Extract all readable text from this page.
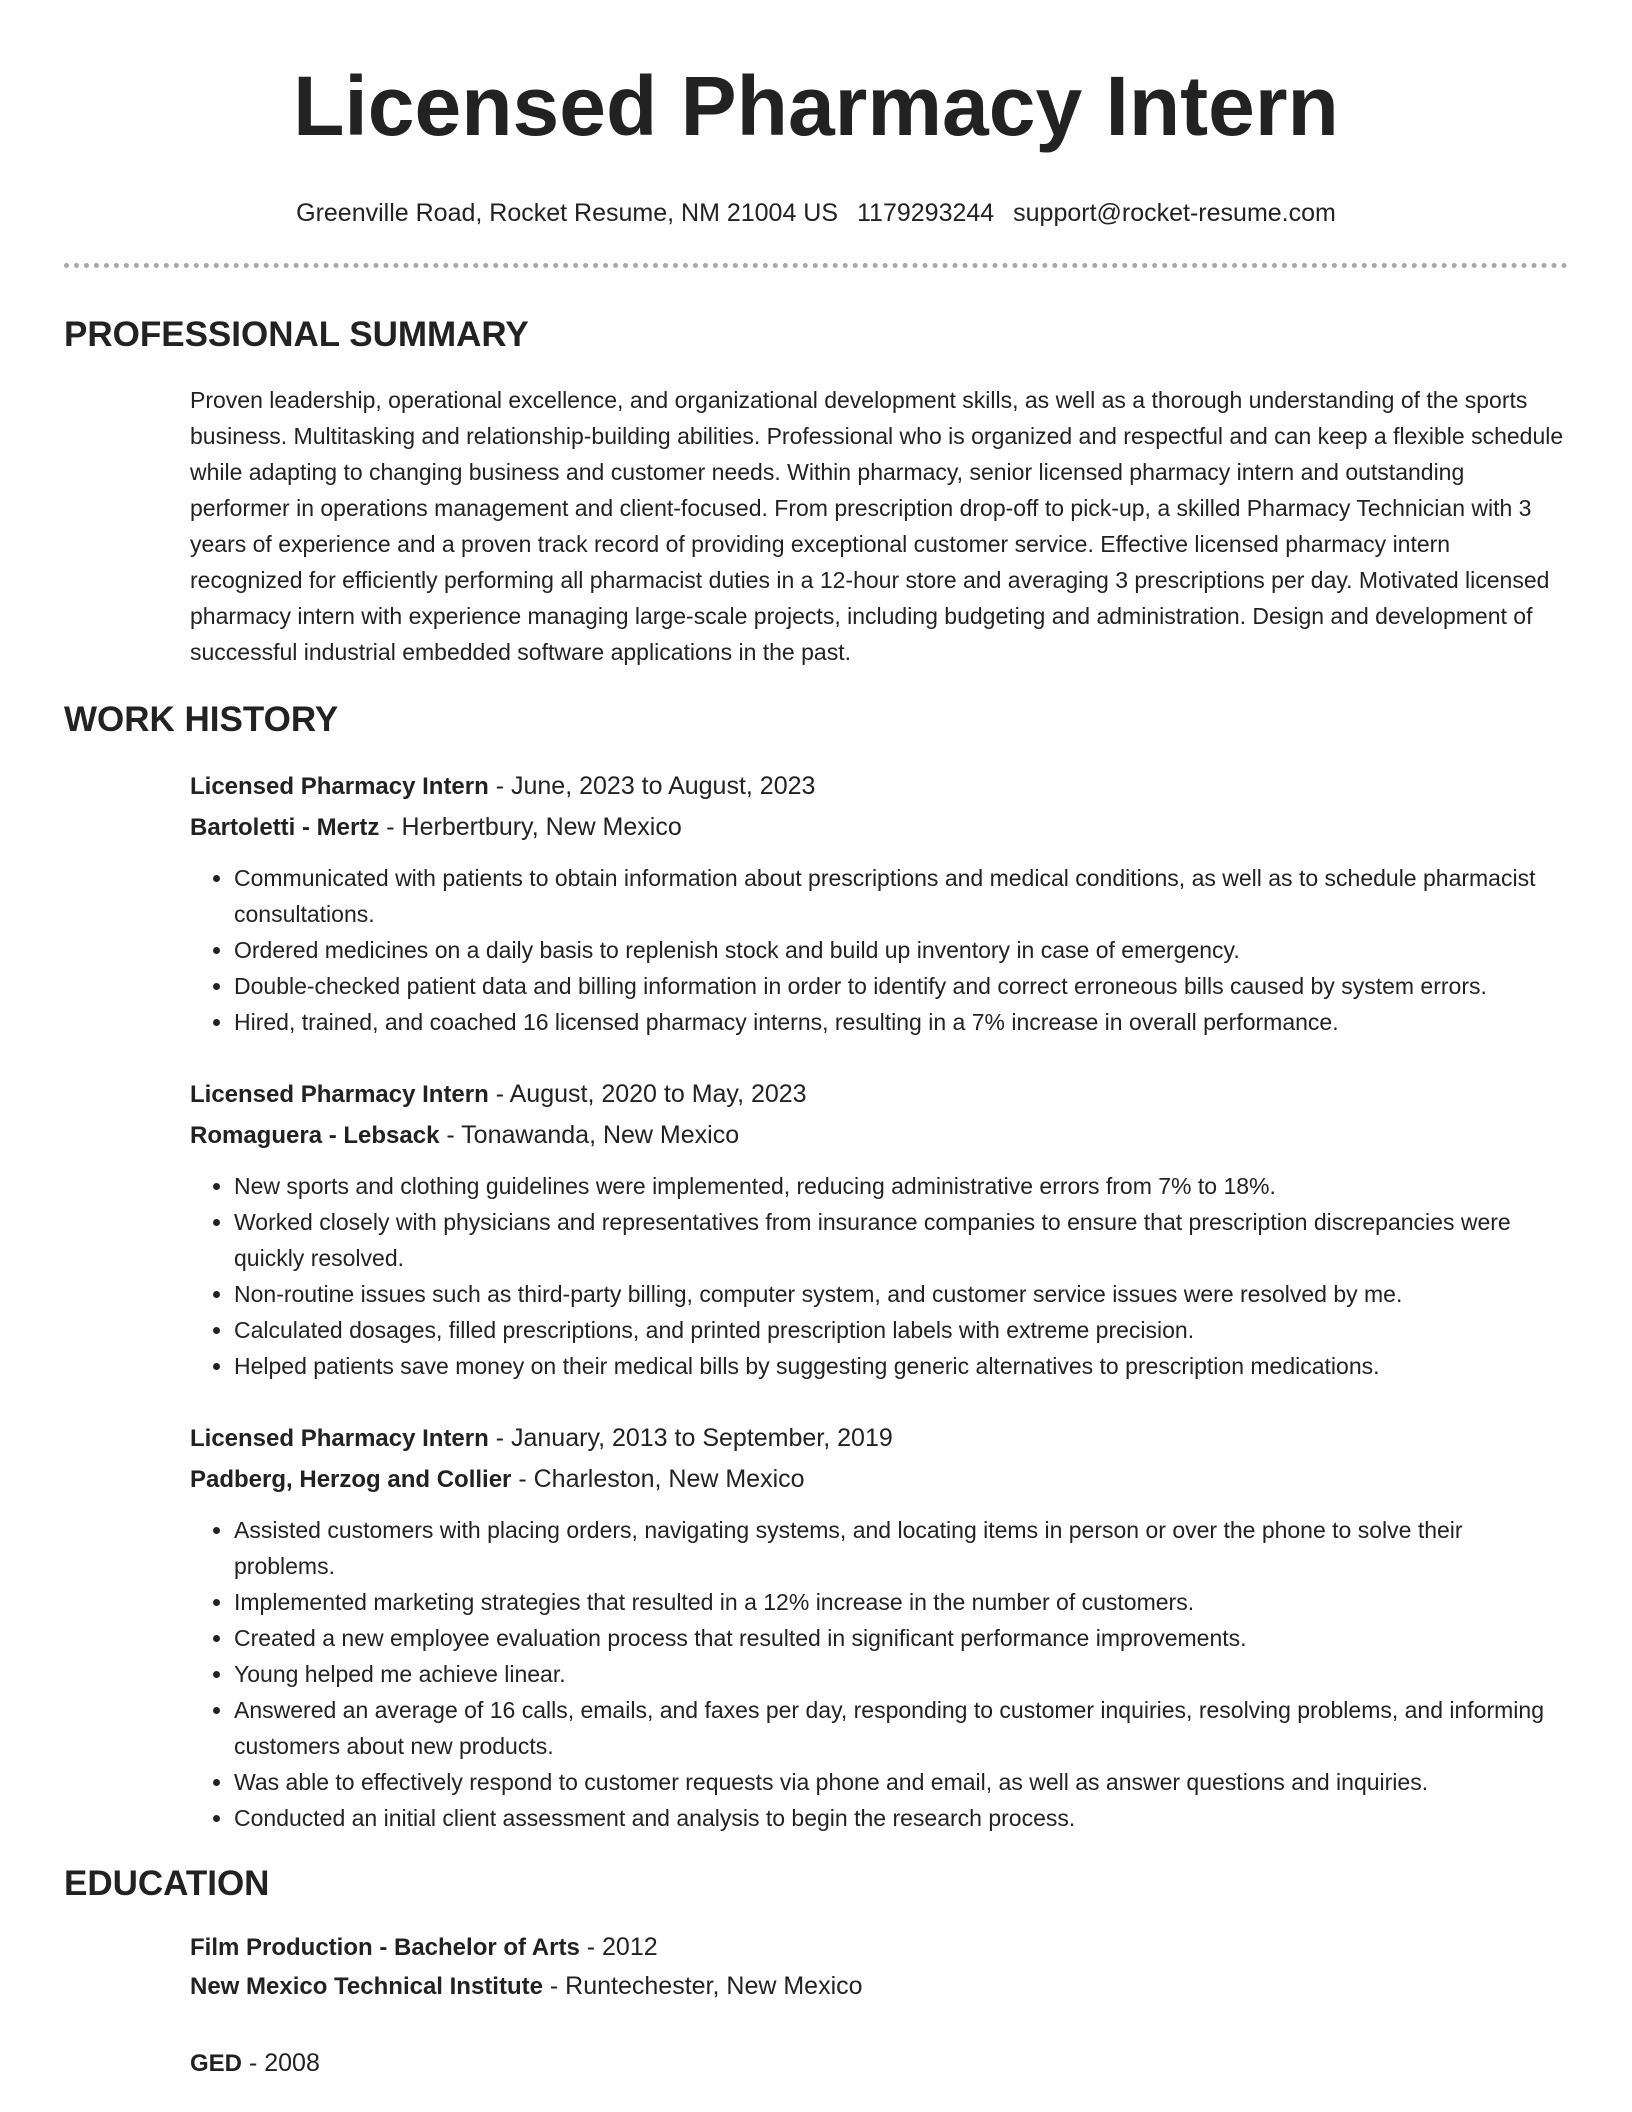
Licensed Pharmacy Intern
Greenville Road, Rocket Resume, NM 21004 US 1179293244 support@rocket-resume.com
PROFESSIONAL SUMMARY

Proven leadership, operational excellence, and organizational development skills, as well as a thorough understanding of the sports business. Multitasking and relationship-building abilities. Professional who is organized and respectful and can keep a flexible schedule while adapting to changing business and customer needs. Within pharmacy, senior licensed pharmacy intern and outstanding performer in operations management and client-focused. From prescription drop-off to pick-up, a skilled Pharmacy Technician with 3 years of experience and a proven track record of providing exceptional customer service. Effective licensed pharmacy intern recognized for efficiently performing all pharmacist duties in a 12-hour store and averaging 3 prescriptions per day. Motivated licensed pharmacy intern with experience managing large-scale projects, including budgeting and administration. Design and development of successful industrial embedded software applications in the past.

WORK HISTORY
Licensed Pharmacy Intern - June, 2023 to August, 2023
Bartoletti - Mertz - Herbertbury, New Mexico
• Communicated with patients to obtain information about prescriptions and medical conditions, as well as to schedule pharmacist consultations.
• Ordered medicines on a daily basis to replenish stock and build up inventory in case of emergency.
• Double-checked patient data and billing information in order to identify and correct erroneous bills caused by system errors.
• Hired, trained, and coached 16 licensed pharmacy interns, resulting in a 7% increase in overall performance.
Licensed Pharmacy Intern - August, 2020 to May, 2023
Romaguera - Lebsack - Tonawanda, New Mexico
• New sports and clothing guidelines were implemented, reducing administrative errors from 7% to 18%.
• Worked closely with physicians and representatives from insurance companies to ensure that prescription discrepancies were quickly resolved.
• Non-routine issues such as third-party billing, computer system, and customer service issues were resolved by me.
• Calculated dosages, filled prescriptions, and printed prescription labels with extreme precision.
• Helped patients save money on their medical bills by suggesting generic alternatives to prescription medications.
Licensed Pharmacy Intern - January, 2013 to September, 2019
Padberg, Herzog and Collier - Charleston, New Mexico
• Assisted customers with placing orders, navigating systems, and locating items in person or over the phone to solve their problems.
• Implemented marketing strategies that resulted in a 12% increase in the number of customers.
• Created a new employee evaluation process that resulted in significant performance improvements.
• Young helped me achieve linear.
• Answered an average of 16 calls, emails, and faxes per day, responding to customer inquiries, resolving problems, and informing customers about new products.
• Was able to effectively respond to customer requests via phone and email, as well as answer questions and inquiries.
• Conducted an initial client assessment and analysis to begin the research process.
EDUCATION
Film Production - Bachelor of Arts - 2012
New Mexico Technical Institute - Runtechester, New Mexico
GED - 2008
